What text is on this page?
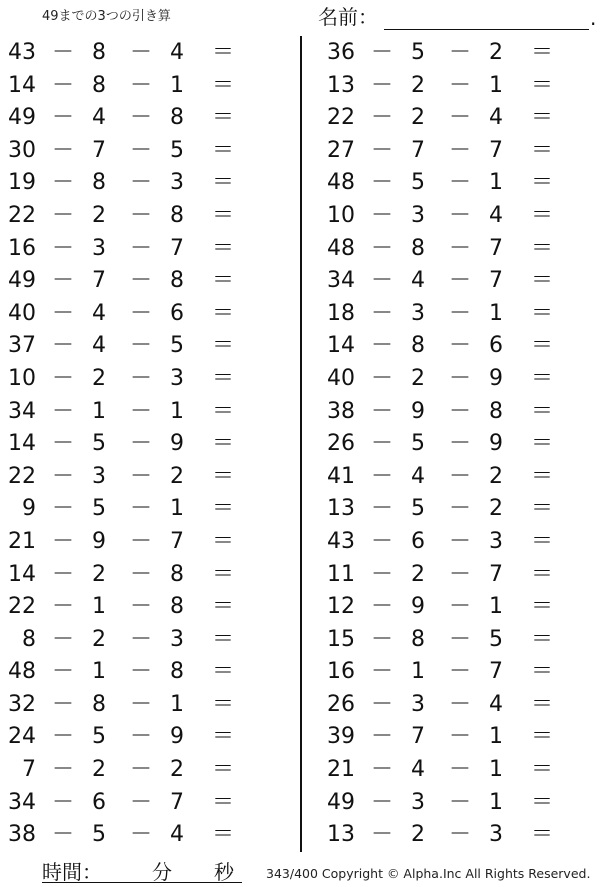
49までの3つの引き算	名前：	.
43 － 8 － 4 ＝
14 － 8 － 1 ＝
49 － 4 － 8 ＝
30 － 7 － 5 ＝
19 － 8 － 3 ＝
22 － 2 － 8 ＝
16 － 3 － 7 ＝
49 － 7 － 8 ＝
40 － 4 － 6 ＝
37 － 4 － 5 ＝
10 － 2 － 3 ＝
34 － 1 － 1 ＝
14 － 5 － 9 ＝
22 － 3 － 2 ＝
9 － 5 － 1 ＝
21 － 9 － 7 ＝
14 － 2 － 8 ＝
22 － 1 － 8 ＝
8 － 2 － 3 ＝
48 － 1 － 8 ＝
32 － 8 － 1 ＝
24 － 5 － 9 ＝
7 － 2 － 2 ＝
34 － 6 － 7 ＝
38 － 5 － 4 ＝
36 － 5 － 2 ＝
13 － 2 － 1 ＝
22 － 2 － 4 ＝
27 － 7 － 7 ＝
48 － 5 － 1 ＝
10 － 3 － 4 ＝
48 － 8 － 7 ＝
34 － 4 － 7 ＝
18 － 3 － 1 ＝
14 － 8 － 6 ＝
40 － 2 － 9 ＝
38 － 9 － 8 ＝
26 － 5 － 9 ＝
41 － 4 － 2 ＝
13 － 5 － 2 ＝
43 － 6 － 3 ＝
11 － 2 － 7 ＝
12 － 9 － 1 ＝
15 － 8 － 5 ＝
16 － 1 － 7 ＝
26 － 3 － 4 ＝
39 － 7 － 1 ＝
21 － 4 － 1 ＝
49 － 3 － 1 ＝
13 － 2 － 3 ＝
時間：	分 秒	343/400 Copyright © Alpha.Inc All Rights Reserved.
